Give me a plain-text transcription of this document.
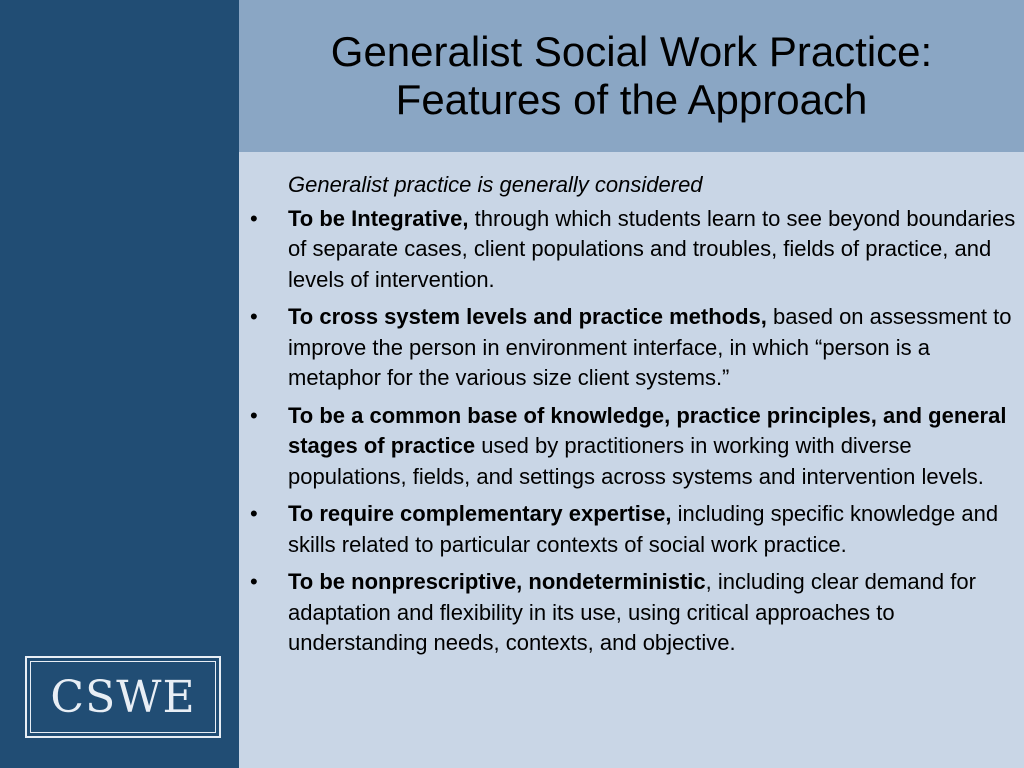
Generalist Social Work Practice:
Features of the Approach
Generalist practice is generally considered
• To be Integrative, through which students learn to see beyond boundaries of separate cases, client populations and troubles, fields of practice, and levels of intervention.
• To cross system levels and practice methods, based on assessment to improve the person in environment interface, in which “person is a metaphor for the various size client systems.”
• To be a common base of knowledge, practice principles, and general stages of practice used by practitioners in working with diverse populations, fields, and settings across systems and intervention levels.
• To require complementary expertise, including specific knowledge and skills related to particular contexts of social work practice.
• To be nonprescriptive, nondeterministic, including clear demand for adaptation and flexibility in its use, using critical approaches to understanding needs, contexts, and objective.
CSWE
